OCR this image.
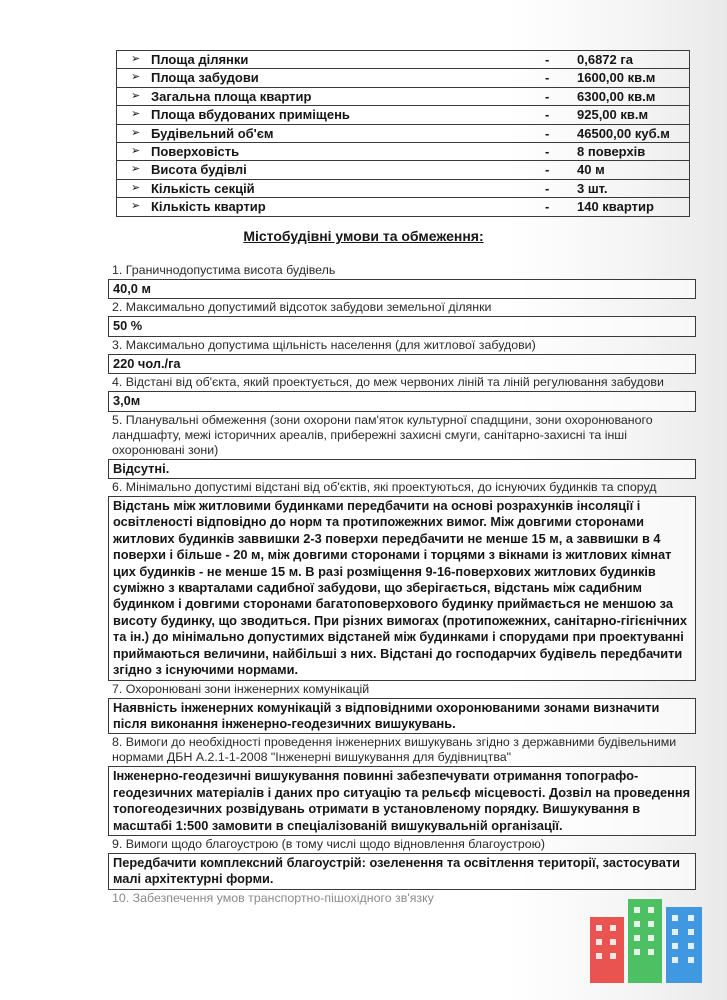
➢ Площа ділянки	- 0,6872 га
➢ Площа забудови	- 1600,00 кв.м
➢ Загальна площа квартир	- 6300,00 кв.м
➢ Площа вбудованих приміщень	- 925,00 кв.м
➢ Будівельний об'єм	- 46500,00 куб.м
➢ Поверховість	- 8 поверхів
➢ Висота будівлі	- 40 м
➢ Кількість секцій	- 3 шт.
➢ Кількість квартир	- 140 квартир
Містобудівні умови та обмеження:
1. Граничнодопустима висота будівель
40,0 м
2. Максимально допустимий відсоток забудови земельної ділянки
50 %
3. Максимально допустима щільність населення (для житлової забудови)
220 чол./га
4. Відстані від об'єкта, який проектується, до меж червоних ліній та ліній регулювання забудови
3,0м
5. Планувальні обмеження (зони охорони пам'яток культурної спадщини, зони охоронюваного ландшафту, межі історичних ареалів, прибережні захисні смуги, санітарно-захисні та інші охоронювані зони)
Відсутні.
6. Мінімально допустимі відстані від об'єктів, які проектуються, до існуючих будинків та споруд
Відстань між житловими будинками передбачити на основі розрахунків інсоляції і освітленості відповідно до норм та протипожежних вимог. Між довгими сторонами житлових будинків заввишки 2-3 поверхи передбачити не менше 15 м, а заввишки в 4 поверхи і більше - 20 м, між довгими сторонами і торцями з вікнами із житлових кімнат цих будинків - не менше 15 м. В разі розміщення 9-16-поверхових житлових будинків суміжно з кварталами садибної забудови, що зберігається, відстань між садибним будинком і довгими сторонами багатоповерхового будинку приймається не меншою за висоту будинку, що зводиться. При різних вимогах (протипожежних, санітарно-гігієнічних та ін.) до мінімально допустимих відстаней між будинками і спорудами при проектуванні приймаються величини, найбільші з них. Відстані до господарчих будівель передбачити згідно з існуючими нормами.
7. Охоронювані зони інженерних комунікацій
Наявність інженерних комунікацій з відповідними охоронюваними зонами визначити після виконання інженерно-геодезичних вишукувань.
8. Вимоги до необхідності проведення інженерних вишукувань згідно з державними будівельними нормами ДБН А.2.1-1-2008 "Інженерні вишукування для будівництва"
Інженерно-геодезичні вишукування повинні забезпечувати отримання топографо-геодезичних матеріалів і даних про ситуацію та рельєф місцевості. Дозвіл на проведення топогеодезичних розвідувань отримати в установленому порядку. Вишукування в масштабі 1:500 замовити в спеціалізованій вишукувальній організації.
9. Вимоги щодо благоустрою (в тому числі щодо відновлення благоустрою)
Передбачити комплексний благоустрій: озеленення та освітлення території, застосувати малі архітектурні форми.
10. Забезпечення умов транспортно-пішохідного зв'язку
